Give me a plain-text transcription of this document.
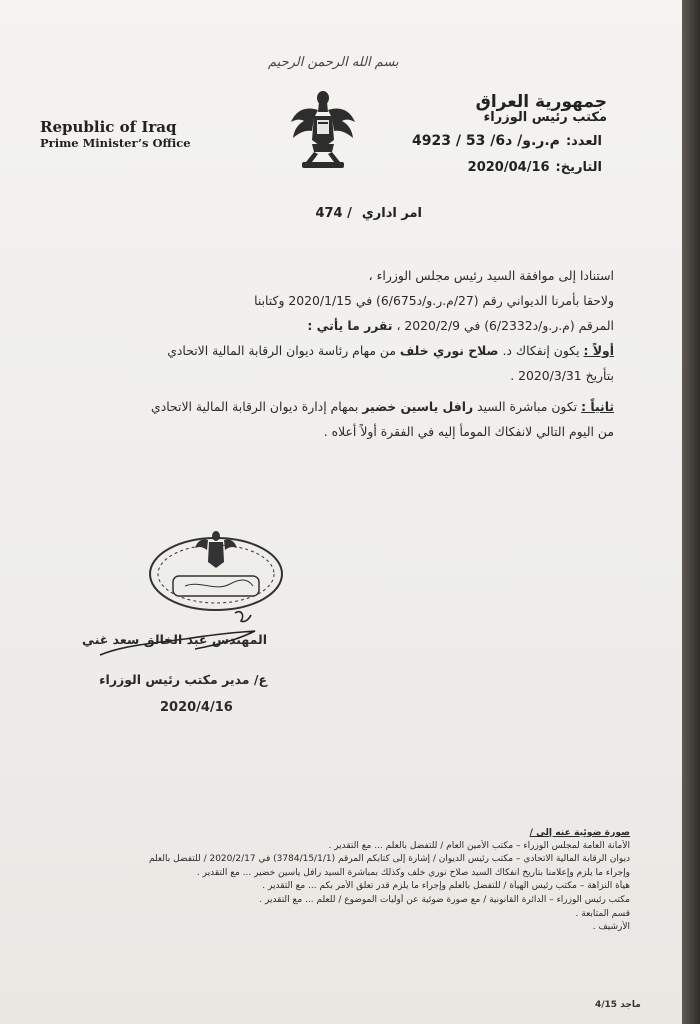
بسم الله الرحمن الرحيم
Republic of Iraq
Prime Minister’s Office
جمهورية العراق
مكتب رئيس الوزراء
العدد:
م.ر.و/ د6/ 53 / 4923
التاريخ:
2020/04/16
امر اداري
/ 474

استنادا إلى موافقة السيد رئيس مجلس الوزراء ،

ولاحقا بأمرنا الديواني رقم (27/م.ر.و/د6/675) في 2020/1/15 وكتابنا

المرقم (م.ر.و/د6/2332) في 2020/2/9 ، تقرر ما يأتي :

أولاً : يكون إنفكاك د. صلاح نوري خلف من مهام رئاسة ديوان الرقابة المالية الاتحادي

بتأريخ 2020/3/31 .

ثانياً : تكون مباشرة السيد رافل ياسين خضير بمهام إدارة ديوان الرقابة المالية الاتحادي

من اليوم التالي لانفكاك المومأ إليه في الفقرة أولاً أعلاه .

المهندس عبد الخالق سعد غني
ع/ مدير مكتب رئيس الوزراء
2020/4/16
صورة ضوئية عنه إلى /
الأمانة العامة لمجلس الوزراء – مكتب الأمين العام / للتفضل بالعلم ... مع التقدير .
ديوان الرقابة المالية الاتحادي – مكتب رئيس الديوان / إشارة إلى كتابكم المرقم (3784/15/1/1) في 2020/2/17 / للتفضل بالعلم
وإجراء ما يلزم وإعلامنا بتاريخ انفكاك السيد صلاح نوري خلف وكذلك بمباشرة السيد رافل ياسين خضير ... مع التقدير .
هيأة النزاهة – مكتب رئيس الهيأة / للتفضل بالعلم وإجراء ما يلزم قدر تعلق الأمر بكم ... مع التقدير .
مكتب رئيس الوزراء – الدائرة القانونية / مع صورة ضوئية عن أوليات الموضوع / للعلم ... مع التقدير .
قسم المتابعة .
الأرشيف .
ماجد 4/15
